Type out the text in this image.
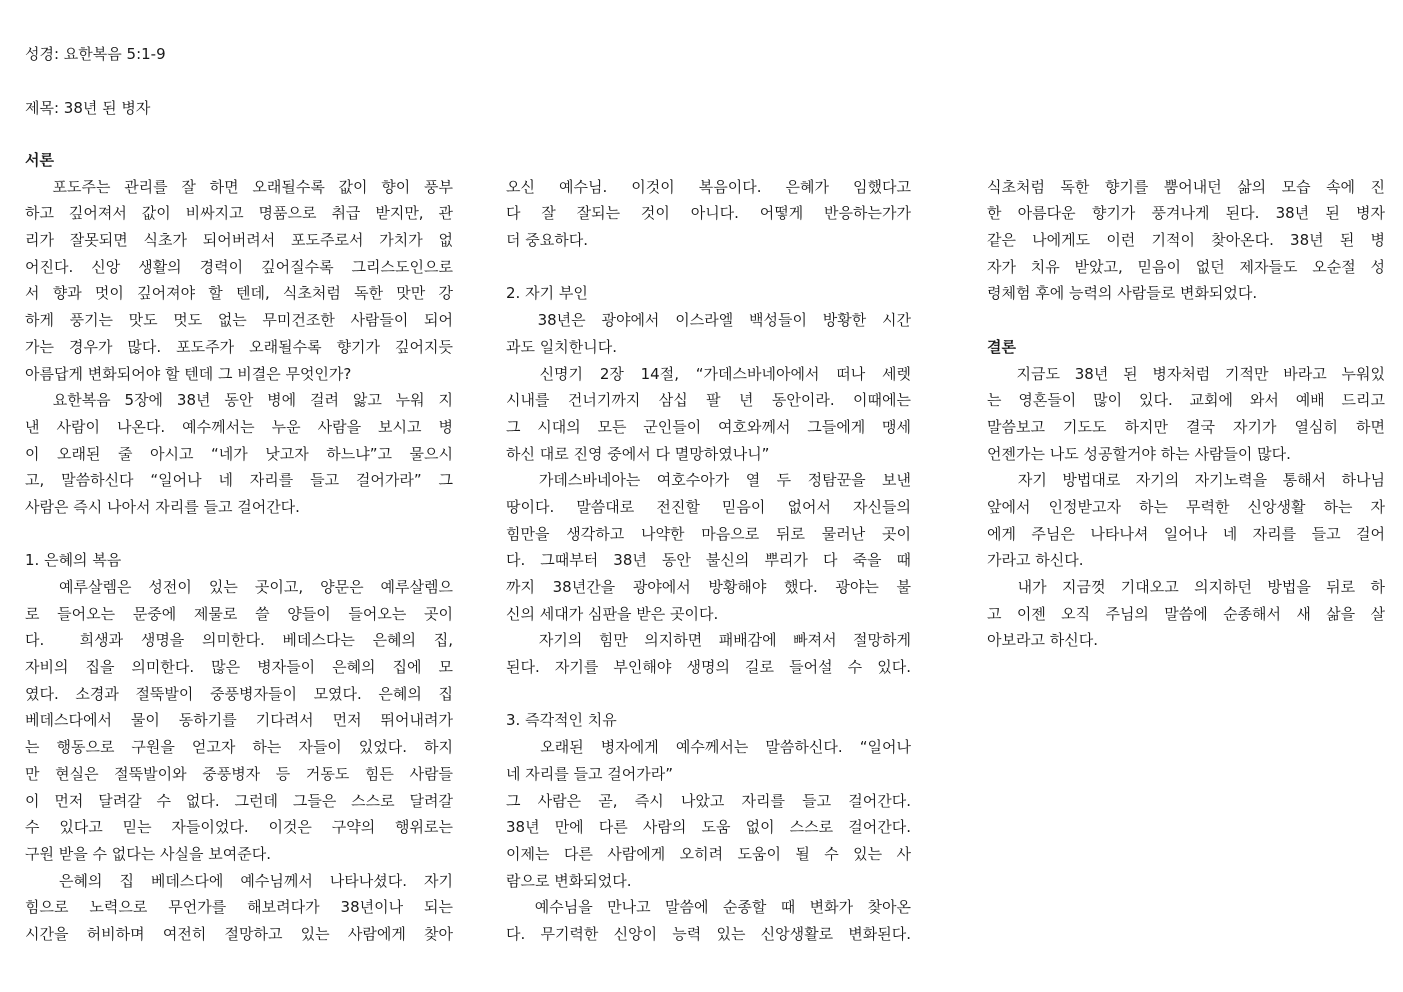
성경: 요한복음 5:1-9

제목: 38년 된 병자

서론
포도주는 관리를 잘 하면 오래될수록 값이 향이 풍부
하고 깊어져서 값이 비싸지고 명품으로 취급 받지만, 관
리가 잘못되면 식초가 되어버려서 포도주로서 가치가 없
어진다. 신앙 생활의 경력이 깊어질수록 그리스도인으로
서 향과 멋이 깊어져야 할 텐데, 식초처럼 독한 맛만 강
하게 풍기는 맛도 멋도 없는 무미건조한 사람들이 되어
가는 경우가 많다. 포도주가 오래될수록 향기가 깊어지듯
아름답게 변화되어야 할 텐데 그 비결은 무엇인가?
요한복음 5장에 38년 동안 병에 걸려 앓고 누워 지
낸 사람이 나온다. 예수께서는 누운 사람을 보시고 병
이 오래된 줄 아시고 “네가 낫고자 하느냐”고 물으시
고, 말씀하신다 “일어나 네 자리를 들고 걸어가라” 그
사람은 즉시 나아서 자리를 들고 걸어간다.
1. 은혜의 복음
예루살렘은 성전이 있는 곳이고, 양문은 예루살렘으
로 들어오는 문중에 제물로 쓸 양들이 들어오는 곳이
다.  희생과 생명을 의미한다. 베데스다는 은혜의 집,
자비의 집을 의미한다. 많은 병자들이 은혜의 집에 모
였다. 소경과 절뚝발이 중풍병자들이 모였다. 은혜의 집
베데스다에서 물이 동하기를 기다려서 먼저 뛰어내려가
는 행동으로 구원을 얻고자 하는 자들이 있었다. 하지
만 현실은 절뚝발이와 중풍병자 등 거동도 힘든 사람들
이 먼저 달려갈 수 없다. 그런데 그들은 스스로 달려갈
수 있다고 믿는 자들이었다. 이것은 구약의 행위로는
구원 받을 수 없다는 사실을 보여준다.
은혜의 집 베데스다에 예수님께서 나타나셨다. 자기
힘으로 노력으로 무언가를 해보려다가 38년이나 되는
시간을 허비하며 여전히 절망하고 있는 사람에게 찾아
오신 예수님. 이것이 복음이다. 은혜가 임했다고
다 잘 잘되는 것이 아니다. 어떻게 반응하는가가
더 중요하다.
2. 자기 부인
38년은 광야에서 이스라엘 백성들이 방황한 시간
과도 일치한니다.
신명기 2장 14절, “가데스바네아에서 떠나 세렛
시내를 건너기까지 삼십 팔 년 동안이라. 이때에는
그 시대의 모든 군인들이 여호와께서 그들에게 맹세
하신 대로 진영 중에서 다 멸망하였나니”
가데스바네아는 여호수아가 열 두 정탐꾼을 보낸
땅이다. 말씀대로 전진할 믿음이 없어서 자신들의
힘만을 생각하고 나약한 마음으로 뒤로 물러난 곳이
다. 그때부터 38년 동안 불신의 뿌리가 다 죽을 때
까지 38년간을 광야에서 방황해야 했다. 광야는 불
신의 세대가 심판을 받은 곳이다.
자기의 힘만 의지하면 패배감에 빠져서 절망하게
된다. 자기를 부인해야 생명의 길로 들어설 수 있다.
3. 즉각적인 치유
오래된 병자에게 예수께서는 말씀하신다. “일어나
네 자리를 들고 걸어가라”
그 사람은 곧, 즉시 나았고 자리를 들고 걸어간다.
38년 만에 다른 사람의 도움 없이 스스로 걸어간다.
이제는 다른 사람에게 오히려 도움이 될 수 있는 사
람으로 변화되었다.
예수님을 만나고 말씀에 순종할 때 변화가 찾아온
다. 무기력한 신앙이 능력 있는 신앙생활로 변화된다.
식초처럼 독한 향기를 뿜어내던 삶의 모습 속에 진
한 아름다운 향기가 풍겨나게 된다. 38년 된 병자
같은 나에게도 이런 기적이 찾아온다. 38년 된 병
자가 치유 받았고, 믿음이 없던 제자들도 오순절 성
령체험 후에 능력의 사람들로 변화되었다.
결론
지금도 38년 된 병자처럼 기적만 바라고 누워있
는 영혼들이 많이 있다. 교회에 와서 예배 드리고
말씀보고 기도도 하지만 결국 자기가 열심히 하면
언젠가는 나도 성공할거야 하는 사람들이 많다.
자기 방법대로 자기의 자기노력을 통해서 하나님
앞에서 인정받고자 하는 무력한 신앙생활 하는 자
에게 주님은 나타나셔 일어나 네 자리를 들고 걸어
가라고 하신다.
내가 지금껏 기대오고 의지하던 방법을 뒤로 하
고 이젠 오직 주님의 말씀에 순종해서 새 삶을 살
아보라고 하신다.
